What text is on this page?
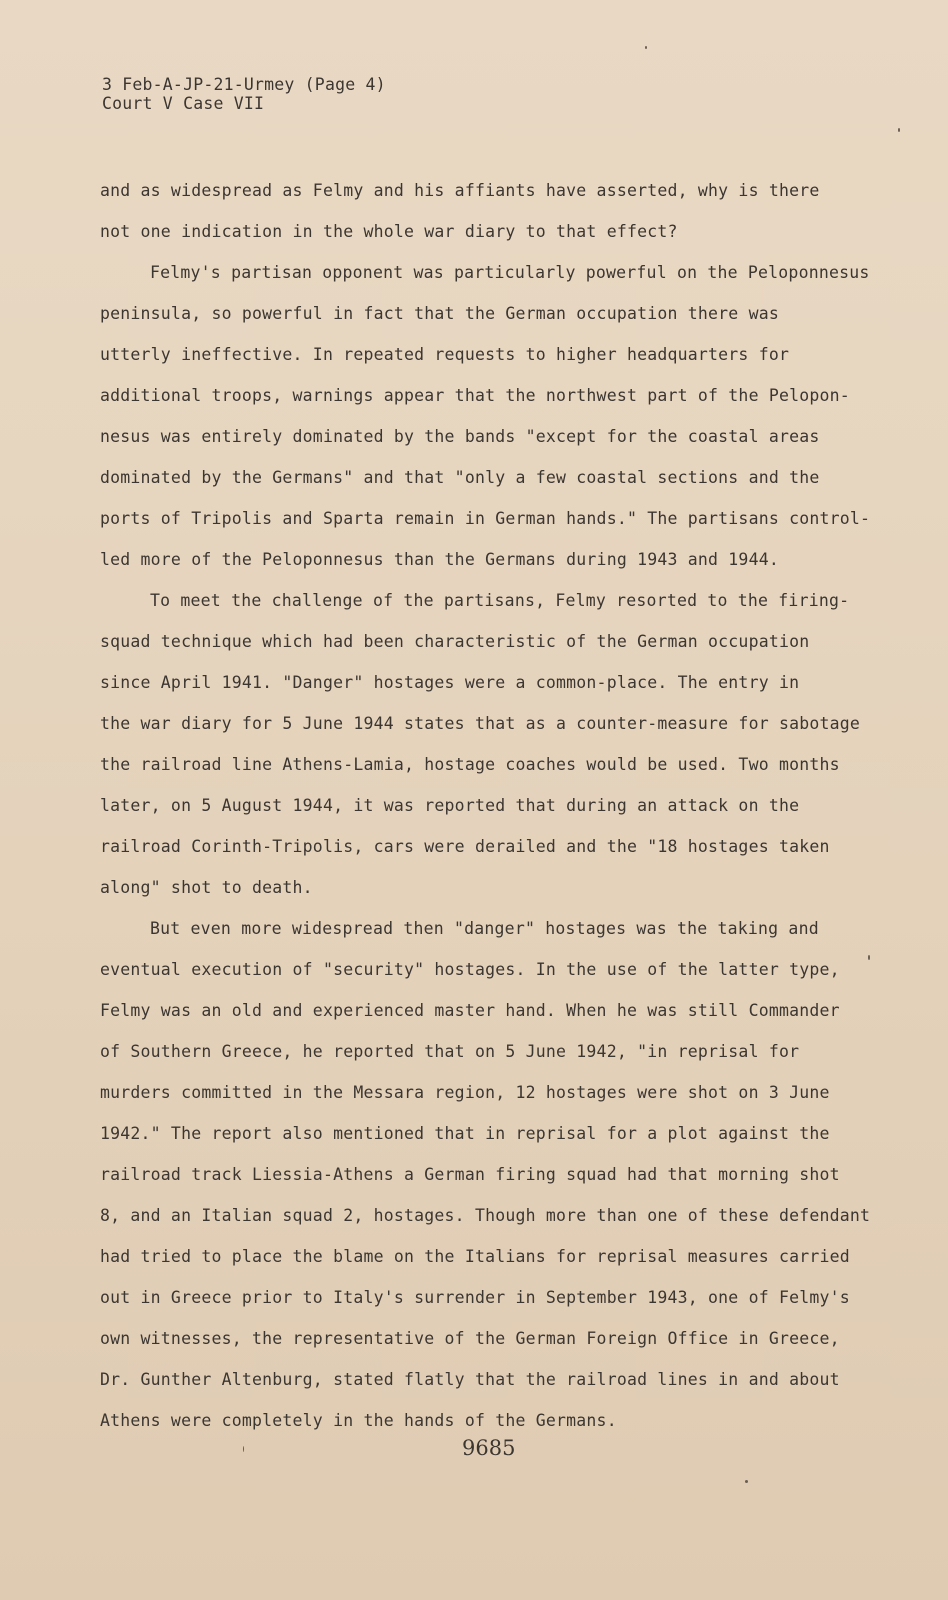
3 Feb-A-JP-21-Urmey (Page 4)
Court V Case VII
and as widespread as Felmy and his affiants have asserted, why is there
not one indication in the whole war diary to that effect?
Felmy's partisan opponent was particularly powerful on the Peloponnesus
peninsula, so powerful in fact that the German occupation there was
utterly ineffective. In repeated requests to higher headquarters for
additional troops, warnings appear that the northwest part of the Pelopon-
nesus was entirely dominated by the bands "except for the coastal areas
dominated by the Germans" and that "only a few coastal sections and the
ports of Tripolis and Sparta remain in German hands." The partisans control-
led more of the Peloponnesus than the Germans during 1943 and 1944.
To meet the challenge of the partisans, Felmy resorted to the firing-
squad technique which had been characteristic of the German occupation
since April 1941. "Danger" hostages were a common-place. The entry in
the war diary for 5 June 1944 states that as a counter-measure for sabotage
the railroad line Athens-Lamia, hostage coaches would be used. Two months
later, on 5 August 1944, it was reported that during an attack on the
railroad Corinth-Tripolis, cars were derailed and the "18 hostages taken
along" shot to death.
But even more widespread then "danger" hostages was the taking and
eventual execution of "security" hostages. In the use of the latter type,
Felmy was an old and experienced master hand. When he was still Commander
of Southern Greece, he reported that on 5 June 1942, "in reprisal for
murders committed in the Messara region, 12 hostages were shot on 3 June
1942." The report also mentioned that in reprisal for a plot against the
railroad track Liessia-Athens a German firing squad had that morning shot
8, and an Italian squad 2, hostages. Though more than one of these defendant
had tried to place the blame on the Italians for reprisal measures carried
out in Greece prior to Italy's surrender in September 1943, one of Felmy's
own witnesses, the representative of the German Foreign Office in Greece,
Dr. Gunther Altenburg, stated flatly that the railroad lines in and about
Athens were completely in the hands of the Germans.
9685
